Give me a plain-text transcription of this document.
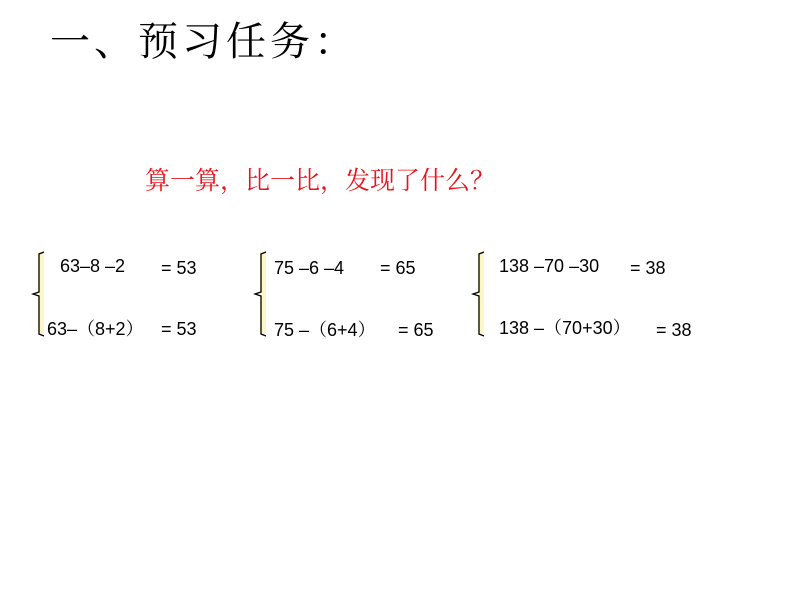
一、预习任务：
算一算，比一比，发现了什么？
63–8 –2 = 53
63–（8+2） = 53
75 –6 –4 = 65
75 –（6+4） = 65
138 –70 –30 = 38
138 –（70+30） = 38
